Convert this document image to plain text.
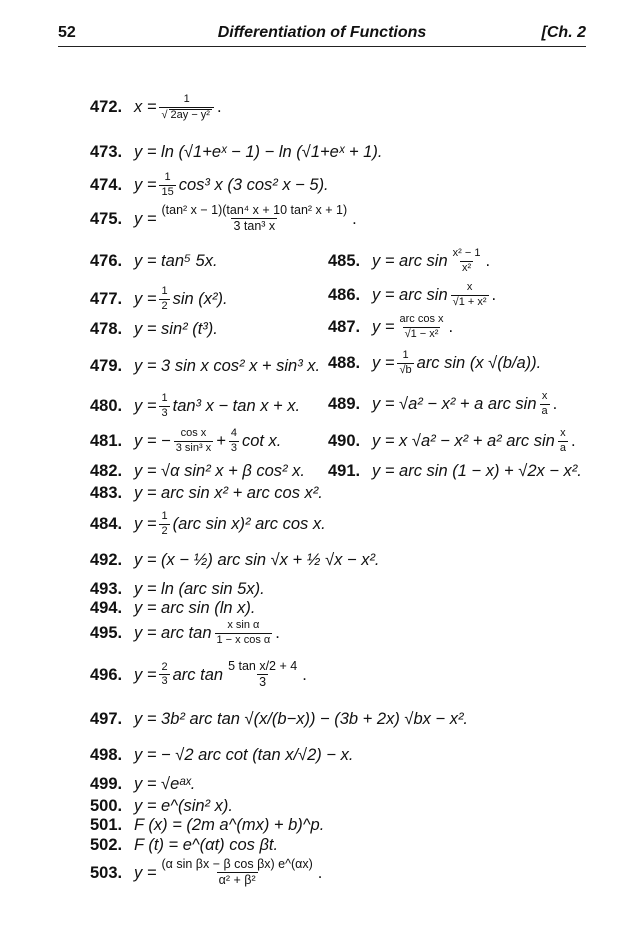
52	Differentiation of Functions	[Ch. 2
472. $x = \frac{1}{\text{√ 2ay − y²}}$ .
473. y = ln (√1+eˣ − 1) − ln (√1+eˣ + 1).
474. $y = \frac{1}{15} \cos^3$ x (3 cos² x − 5).
475. $y = \frac{\text{(tan² x − 1)(tan⁴ x + 10 tan² x + 1)}}{\text{3 tan³ x}}$ .
476. y = tan⁵ 5x.	485. y = arc $\sin \frac{\text{x² − 1}}{\text{x²}}$ .
477. $y = \frac{1}{2}$ sin (x²).	486. y = arc $\sin \frac{x}{\text{√1 + x²}}$ .
478. y = sin² (t³).	487. $y = \frac{\text{arc cos x}}{\text{√1 − x²}}$ .
479. y = 3 sin x cos² x + sin³ x. 488. $y = \frac{1}{√b}$ arc sin (x √(b/a)).
480. $y = \frac{1}{3} \tan^3$ x − tan x + x. 489. y = √a² − x² + a arc $\sin \frac{x}{a}$ .
481. y = − $\frac{\text{cos x}}{\text{3 sin³ x}} + \frac{4}{3}$ cot x.	490. y = x √a² − x² + a² arc $\sin \frac{x}{a}$ .
482. y = √α sin² x + β cos² x. 491. y = arc sin (1 − x) + √2x − x².
483. y = arc sin x² + arc cos x².
484. $y = \frac{1}{2} (arc$ sin x)² arc cos x.
492. y = (x − ½) arc sin √x + ½ √x − x².
493. y = ln (arc sin 5x).
494. y = arc sin (ln x).
495. y = arc $\tan \frac{\text{x sin α}}{\text{1 − x cos α}}$ .
496. $y = \frac{2}{3}$ arc $\tan \frac{\text{5 tan x/2 + 4}}{3}$ .
497. y = 3b² arc tan √(x/(b−x)) − (3b + 2x) √bx − x².
498. y = − √2 arc cot (tan x/√2) − x.
499. y = √eᵃˣ.
500. y = e^(sin² x).
501. F (x) = (2m a^(mx) + b)^p.
502. F (t) = e^(αt) cos βt.
503. $y = \frac{\text{(α sin βx − β cos βx) e\textasciicircum{}(αx)}}{\text{α² + β²}}$ .
